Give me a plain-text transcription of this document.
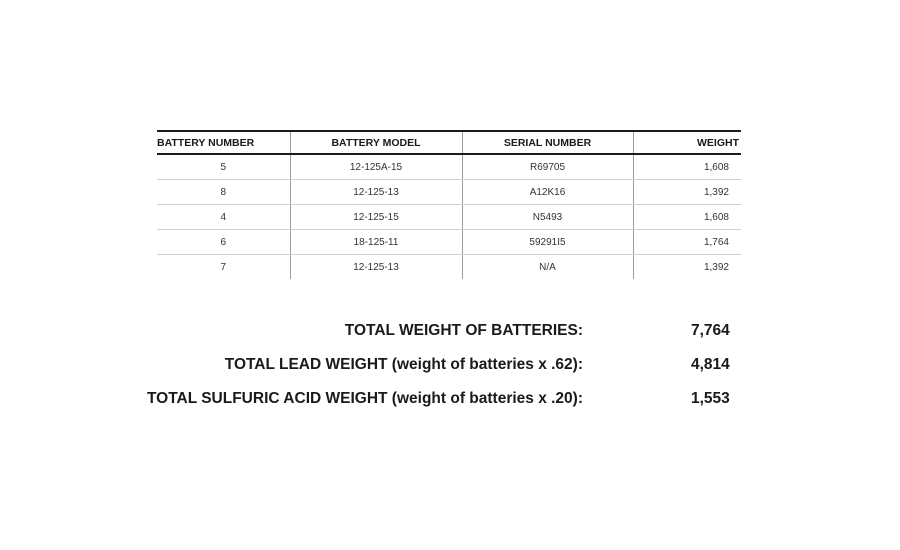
BATTERY NUMBER	BATTERY MODEL	SERIAL NUMBER	WEIGHT
5	12-125A-15	R69705	1,608
8	12-125-13	A12K16	1,392
4	12-125-15	N5493	1,608
6	18-125-11	59291I5	1,764
7	12-125-13	N/A	1,392
TOTAL WEIGHT OF BATTERIES:	7,764
TOTAL LEAD WEIGHT (weight of batteries x .62):	4,814
TOTAL SULFURIC ACID WEIGHT (weight of batteries x .20):	1,553
